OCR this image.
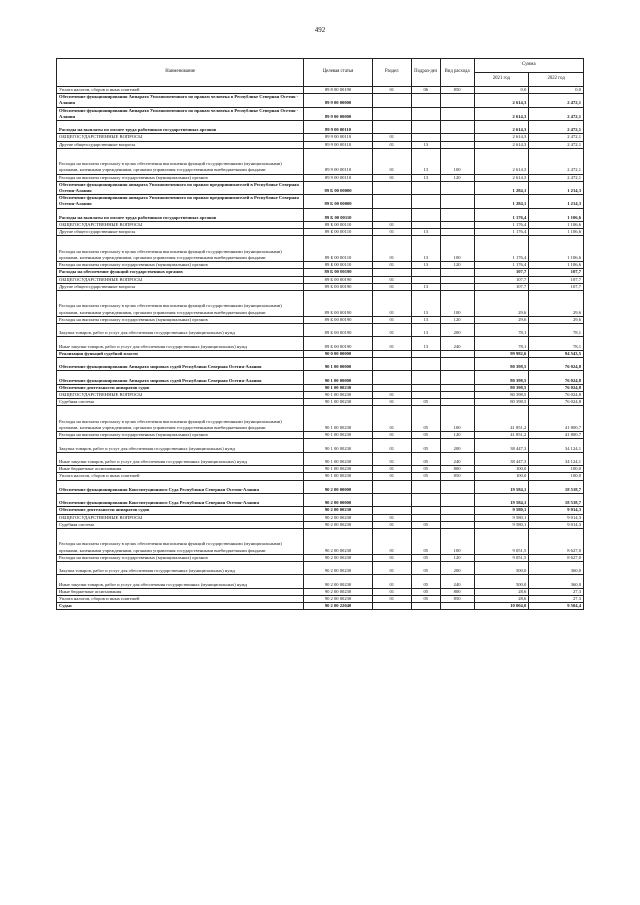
492
Наименование	Целевая статья	Раздел	Подраз-дел	Вид расхода	Сумма	
					2021 год	2022 год
Уплата налогов, сборов и иных платежей	89 8 00 00190	01	06	850	0,0	0,0
Обеспечение функционирования Аппарата Уполномоченного по правам человека в Республике Северная Осетия - Алания	89 9 00 00000				2 614,3	2 472,1
Обеспечение функционирования Аппарата Уполномоченного по правам человека в Республике Северная Осетия - Алания	89 9 00 00000				2 614,3	2 472,1
Расходы на выплаты по оплате труда работников государственных органов	89 9 00 00110				2 614,3	2 472,1
ОБЩЕГОСУДАРСТВЕННЫЕ ВОПРОСЫ	89 9 00 00110	01			2 614,3	2 472,1
Другие общегосударственные вопросы	89 9 00 00110	01	13		2 614,3	2 472,1
Расходы на выплаты персоналу в целях обеспечения выполнения функций государственными (муниципальными) органами, казенными учреждениями, органами управления государственными внебюджетными фондами	89 9 00 00110	01	13	100	2 614,3	2 472,1
Расходы на выплаты персоналу государственных (муниципальных) органов	89 9 00 00110	01	13	120	2 614,3	2 472,1
Обеспечение функционирования аппарата Уполномоченного по правам предпринимателей в Республике Северная Осетия-Алания	89 Б 00 00000				1 284,1	1 214,3
Обеспечение функционирования аппарата Уполномоченного по правам предпринимателей в Республике Северная Осетия-Алания	89 Б 00 00000				1 284,1	1 214,3
Расходы на выплаты по оплате труда работников государственных органов	89 Б 00 00110				1 176,4	1 106,6
ОБЩЕГОСУДАРСТВЕННЫЕ ВОПРОСЫ	89 Б 00 00110	01			1 176,4	1 106,6
Другие общегосударственные вопросы	89 Б 00 00110	01	13		1 176,4	1 106,6
Расходы на выплаты персоналу в целях обеспечения выполнения функций государственными (муниципальными) органами, казенными учреждениями, органами управления государственными внебюджетными фондами	89 Б 00 00110	01	13	100	1 176,4	1 106,6
Расходы на выплаты персоналу государственных (муниципальных) органов	89 Б 00 00110	01	13	120	1 176,4	1 106,6
Расходы на обеспечение функций государственных органов	89 Б 00 00190				107,7	107,7
ОБЩЕГОСУДАРСТВЕННЫЕ ВОПРОСЫ	89 Б 00 00190	01			107,7	107,7
Другие общегосударственные вопросы	89 Б 00 00190	01	13		107,7	107,7
Расходы на выплаты персоналу в целях обеспечения выполнения функций государственными (муниципальными) органами, казенными учреждениями, органами управления государственными внебюджетными фондами	89 Б 00 00190	01	13	100	29,6	29,6
Расходы на выплаты персоналу государственных (муниципальных) органов	89 Б 00 00190	01	13	120	29,6	29,6
Закупка товаров, работ и услуг для обеспечения государственных (муниципальных) нужд	89 Б 00 00190	01	13	200	78,1	78,1
Иные закупки товаров, работ и услуг для обеспечения государственных (муниципальных) нужд	89 Б 00 00190	01	13	240	78,1	78,1
Реализация функций судебной власти	90 0 00 00000				99 982,6	94 543,5
Обеспечение функционирования Аппарата мировых судей Республики Северная Осетия-Алания	90 1 00 00000				80 398,5	76 024,8
Обеспечение функционирования Аппарата мировых судей Республики Северная Осетия-Алания	90 1 00 00000				80 398,5	76 024,8
Обеспечение деятельности аппаратов судов	90 1 00 00230				80 398,5	76 024,8
ОБЩЕГОСУДАРСТВЕННЫЕ ВОПРОСЫ	90 1 00 00230	01			80 398,5	76 024,8
Судебная система	90 1 00 00230	01	05		80 398,5	76 024,8
Расходы на выплаты персоналу в целях обеспечения выполнения функций государственными (муниципальными) органами, казенными учреждениями, органами управления государственными внебюджетными фондами	90 1 00 00230	01	05	100	41 851,2	41 800,7
Расходы на выплаты персоналу государственных (муниципальных) органов	90 1 00 00230	01	05	120	41 851,2	41 800,7
Закупка товаров, работ и услуг для обеспечения государственных (муниципальных) нужд	90 1 00 00230	01	05	200	38 447,3	34 124,1
Иные закупки товаров, работ и услуг для обеспечения государственных (муниципальных) нужд	90 1 00 00230	01	05	240	38 447,3	34 124,1
Иные бюджетные ассигнования	90 1 00 00230	01	05	800	100,0	100,0
Уплата налогов, сборов и иных платежей	90 1 00 00230	01	05	850	100,0	100,0
Обеспечение функционирования Конституционного Суда Республики Северная Осетия-Алания	90 2 00 00000				19 584,1	18 518,7
Обеспечение функционирования Конституционного Суда Республики Северная Осетия-Алания	90 2 00 00000				19 584,1	18 518,7
Обеспечение деятельности аппаратов судов	90 2 00 00230				9 580,1	9 014,3
ОБЩЕГОСУДАРСТВЕННЫЕ ВОПРОСЫ	90 2 00 00230	01			9 580,1	9 014,3
Судебная система	90 2 00 00230	01	05		9 580,1	9 014,3
Расходы на выплаты персоналу в целях обеспечения выполнения функций государственными (муниципальными) органами, казенными учреждениями, органами управления государственными внебюджетными фондами	90 2 00 00230	01	05	100	9 051,5	8 627,0
Расходы на выплаты персоналу государственных (муниципальных) органов	90 2 00 00230	01	05	120	9 051,5	8 627,0
Закупка товаров, работ и услуг для обеспечения государственных (муниципальных) нужд	90 2 00 00230	01	05	200	500,0	360,0
Иные закупки товаров, работ и услуг для обеспечения государственных (муниципальных) нужд	90 2 00 00230	01	05	240	500,0	360,0
Иные бюджетные ассигнования	90 2 00 00230	01	05	800	28,6	27,3
Уплата налогов, сборов и иных платежей	90 2 00 00230	01	05	850	28,6	27,3
Судьи	90 2 00 22040				10 004,0	9 504,4
